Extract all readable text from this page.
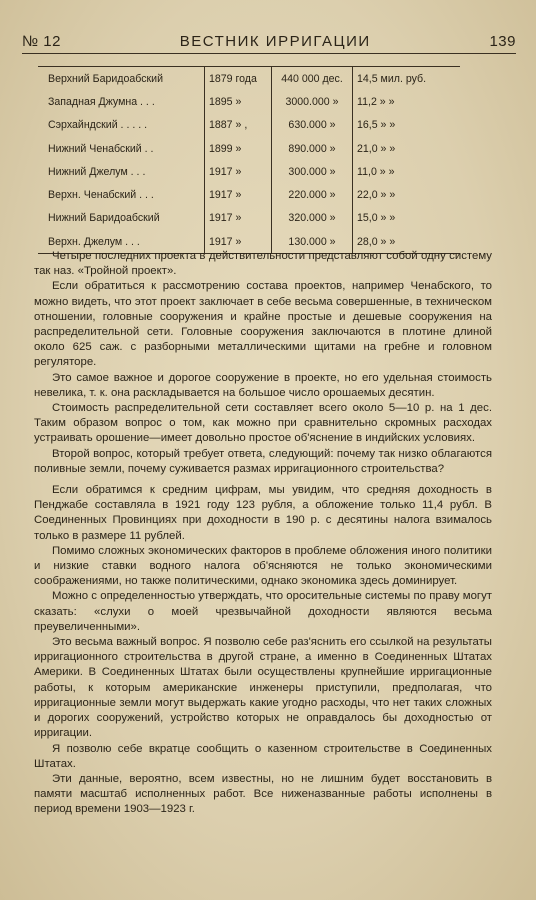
№ 12	ВЕСТНИК ИРРИГАЦИИ	139
Верхний Баридоабский	1879 года	440 000 дес.	14,5 мил. руб.
Западная Джумна . . .	1895 »	3000.000 »	11,2 » »
Сэрхайндский . . . . .	1887 » ,	630.000 »	16,5 » »
Нижний Ченабский . .	1899 »	890.000 »	21,0 » »
Нижний Джелум . . .	1917 »	300.000 »	11,0 » »
Верхн. Ченабский . . .	1917 »	220.000 »	22,0 » »
Нижний Баридоабский	1917 »	320.000 »	15,0 » »
Верхн. Джелум . . .	1917 »	130.000 »	28,0 » »

Четыре последних проекта в действительности представляют собой одну систему так наз. «Тройной проект».

Если обратиться к рассмотрению состава проектов, например Ченабского, то можно видеть, что этот проект заключает в себе весьма совершенные, в техническом отношении, головные сооружения и крайне простые и дешевые сооружения на распределительной сети. Головные сооружения заключаются в плотине длиной около 625 саж. с разборными металлическими щитами на гребне и головном регуляторе.

Это самое важное и дорогое сооружение в проекте, но его удельная стоимость невелика, т. к. она раскладывается на большое число орошаемых десятин.

Стоимость распределительной сети составляет всего около 5—10 р. на 1 дес. Таким образом вопрос о том, как можно при сравнительно скромных расходах устраивать орошение—имеет довольно простое об'яснение в индийских условиях.

Второй вопрос, который требует ответа, следующий: почему так низко облагаются поливные земли, почему суживается размах ирригационного строительства?

Если обратимся к средним цифрам, мы увидим, что средняя доходность в Пенджабе составляла в 1921 году 123 рубля, а обложение только 11,4 рубл. В Соединенных Провинциях при доходности в 190 р. с десятины налога взималось только в размере 11 рублей.

Помимо сложных экономических факторов в проблеме обложения иного политики и низкие ставки водного налога об'ясняются не только экономическими соображениями, но также политическими, однако экономика здесь доминирует.

Можно с определенностью утверждать, что оросительные системы по праву могут сказать: «слухи о моей чрезвычайной доходности являются весьма преувеличенными».

Это весьма важный вопрос. Я позволю себе раз'яснить его ссылкой на результаты ирригационного строительства в другой стране, а именно в Соединенных Штатах Америки. В Соединенных Штатах были осуществлены крупнейшие ирригационные работы, к которым американские инженеры приступили, предполагая, что ирригационные земли могут выдержать какие угодно расходы, что нет таких сложных и дорогих сооружений, устройство которых не оправдалось бы доходностью от ирригации.

Я позволю себе вкратце сообщить о казенном строительстве в Соединенных Штатах.

Эти данные, вероятно, всем известны, но не лишним будет восстановить в памяти масштаб исполненных работ. Все ниженазванные работы исполнены в период времени 1903—1923 г.
